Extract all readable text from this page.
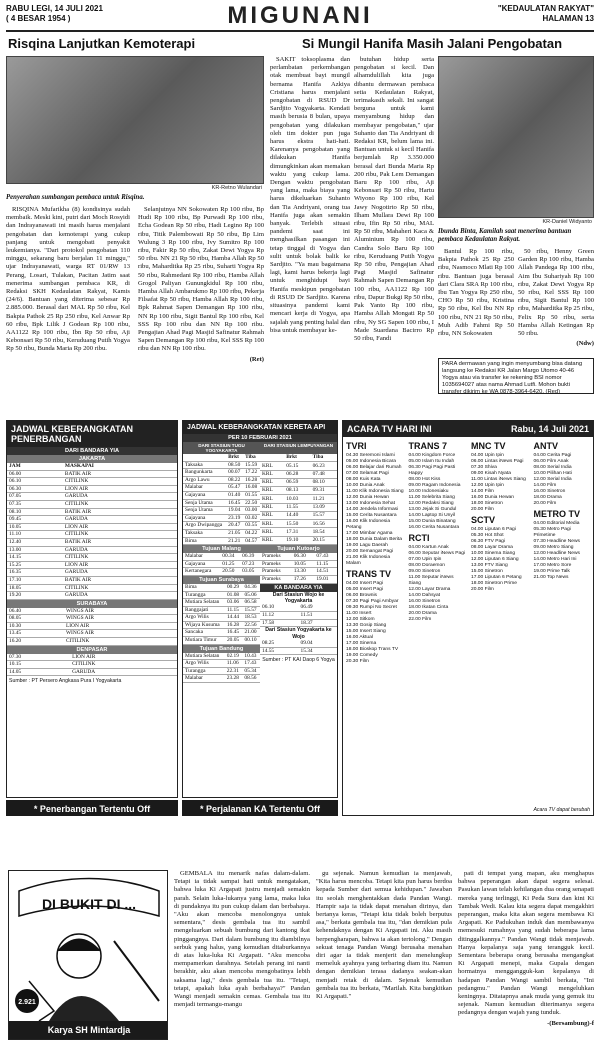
RABU LEGI, 14 JULI 2021
( 4 BESAR 1954 )	MIGUNANI	"KEDAULATAN RAKYAT"
HALAMAN 13
Risqina Lanjutkan Kemoterapi
KR-Retno Wulandari
Penyerahan sumbangan pembaca untuk Risqina.

RISQINA Mufarikha (8) kondisinya sudah membaik. Meski kini, putri dari Moch Rosyidi dan Indrayanawati ini masih harus menjalani pengobatan dan kemoterapi yang cukup panjang untuk mengobati penyakit leukemianya. "Dari protokol pengobatan 110 minggu, sekarang baru berjalan 11 minggu," ujar Indrayanawati, warga RT 01/RW 13 Perang, Losari, Tulakan, Pacitan Jatim saat menerima sumbangan pembaca KR, di Redaksi SKH Kedaulatan Rakyat, Kamis (24/6). Bantuan yang diterima sebesar Rp 2.885.000. Berasal dari MAL Rp 50 ribu, Kel Bakpia Pathok 25 Rp 250 ribu, Kel Anwar Rp 60 ribu, Bpk Lilik J Godean Rp 100 ribu, AA1122 Rp 100 ribu, Ibn Rp 50 ribu, Aji Kebonsari Rp 50 ribu, Keruduang Putih Yogya Rp 50 ribu, Bunda Maria Rp 200 ribu.

Selanjutnya NN Sokowaten Rp 100 ribu, Bp Hudi Rp 100 ribu, Bp Purwadi Rp 100 ribu, Echa Godean Rp 50 ribu, Hadi Leginо Rp 100 ribu, Titik Palembowati Rp 50 ribu, Bp Lim Wulung 3 Rp 100 ribu, Ivy Sumitro Rp 100 ribu, Fakir Rp 50 ribu, Zakat Dewi Yogya Rp 50 ribu. NN 21 Rp 50 ribu, Hamba Allah Rp 50 ribu, Maharditka Rp 25 ribu, Suharti Yogya Rp 50 ribu, Rahmedani Rp 100 ribu, Hamba Allah Grogol Paliyan Gunungkidul Rp 100 ribu, Hamba Allah Ambarukmo Rp 100 ribu, Pekerja Filsafat Rp 50 ribu, Hamba Allah Rp 100 ribu, Bpk Rahmat Sapen Demangan Rp 100 ribu, NN Rp 100 ribu, Sigit Bantul Rp 100 ribu, Kel SSS Rp 100 ribu dan NN Rp 100 ribu. Pengajian Ahad Pagi Masjid Safinatur Rahmah Sapen Demangan Rp 100 ribu, Kel SSS Rp 100 ribu dan NN Rp 100 ribu.

(Ret)
Si Mungil Hanifa Masih Jalani Pengobatan

SAKIT toksoplasma dan perlambatan perkembangan otak membuat bayi mungil bernama Hanifa Azkiya Cristiana harus menjalani pengobatan di RSUD Dr Sardjito Yogyakarta. Kendati masih berusia 8 bulan, upaya pengobatan yang dilakukan oleh tim dokter pun juga harus ekstra hati-hati. Karenanya pengobatan yang dilakukan Hanifa dimungkinkan akan memakan waktu yang cukup lama. Dengan waktu pengobatan yang lama, maka biaya yang harus dikeluarkan Suhanto dan Tia Andriyani, orang tua Hanifa juga akan semakin banyak. Terlebih situasi pandemi saat ini menghasilkan pasangan ini tetap tinggal di Yogya dan sulit untuk bolak balik ke Sardjito. "Ya mau bagaimana lagi, kami harus bekerja lagi untuk menghidupi bayi Hanifa meskipun pengobatan di RSUD Dr Sardjito. Karena situasinya pandemi kami mencari kerja di Yogya, apa sajalah yang penting halal dan bisa untuk membayar ke-

butuhan hidup serta pengobatan si kecil. Dan alhamdulillah kita juga dibantu dermawan pembaca setia Kedaulatan Rakyat, terimakasih sekali. Ini sangat berguna untuk kami menyambung hidup dan membayar pengobatan," ujar Suhanto dan Tia Andriyani di Redaksi KR, belum lama ini. Bantuan untuk si kecil Hanifa berjumlah Rp 3.350.000 berasal dari Bunda Maria Rp 200 ribu, Pak Lem Demangan Baru Rp 100 ribu, Aji Kebonsari Rp 50 ribu, Hartu Wiyono Rp 100 ribu, Kel Jawy Nogotirto Rp 50 ribu, Ilham Mullara Dewi Rp 100 ribu, Ifin Rp 50 ribu, MAL Rp 50 ribu, Mahaheri Kaca & Aluminium Rp 100 ribu, Candra Solo Baru Rp 100 ribu, Keruduang Putih Yogya Rp 50 ribu, Pengajian Ahad Pagi Masjid Safinatur Rahmah Sapen Demangan Rp 100 ribu, AA1122 Rp 100 ribu, Dapur Bukgi Rp 50 ribu, Pak Yanto Rp 100 ribu, Hamba Allah Mongati Rp 50 ribu, Ny SG Sapen 100 ribu, I Made Suardana Bacirro Rp 50 ribu, Fandi

KR-Daniel Widyanto
Ibunda Binta, Kamilah saat menerima bantuan pembaca Kedaulatan Rakyat.

Bantul Rp 100 ribu, Bakpia Pathok 25 Rp 250 ribu, Nasmoco Mlati Rp 100 ribu. Bantuan juga berasal dari Clara SRA Rp 100 ribu, Ibu Tan Yogya Rp 250 ribu, CHO Rp 50 ribu, Kristina Rp 50 ribu, Kel Ibu NN Rp 100 ribu, NN 21 Rp 50 ribu, Muh Adib Fahmi Rp 50 ribu, NN Sokowaten

50 ribu, Henny Green Garden Rp 100 ribu, Hamba Allah Pandega Rp 100 ribu, Aim Ibu Suhariyah Rp 100 ribu, Zakat Dewi Yogya Rp 50 ribu, Kel SSS Rp 100 ribu, Sigit Bantul Rp 100 ribu, Maharditka Rp 25 ribu, Felix Rp 50 ribu, serta Hamba Allah Ketingan Rp 50 ribu.

(Ndw)
PARA dermawan yang ingin menyumbang bisa datang langsung ke Redaksi KR Jalan Margo Utomo 40-46 Yogya atau via transfer ke rekening BSI nomor 1035694027 atas nama Ahmad Lutfi. Mohon bukti transfer dikirim ke WA 0878-3964-6420. (Red)
JADWAL KEBERANGKATAN PENERBANGAN
DARI BANDARA YIA
JAKARTA
JAM	MASKAPAI
06.00	BATIK AIR
06.10	CITILINK
06.30	LION AIR
07.05	GARUDA
07.35	CITILINK
08.10	BATIK AIR
09.45	GARUDA
10.05	LION AIR
11.10	CITILINK
12.40	BATIK AIR
13.00	GARUDA
14.15	CITILINK
15.25	LION AIR
16.35	GARUDA
17.10	BATIK AIR
18.05	CITILINK
19.20	GARUDA
SURABAYA
06.40	WINGS AIR
08.05	WINGS AIR
10.30	LION AIR
13.45	WINGS AIR
16.20	CITILINK
DENPASAR
07.30	LION AIR
10.15	CITILINK
14.05	GARUDA
Sumber : PT Persero Angkasa Pura I Yogyakarta
* Penerbangan Tertentu Off
JADWAL KEBERANGKATAN KERETA API
PER 10 FEBRUARI 2021
DARI STASIUN TUGU YOGYAKARTA
DARI STASIUN LEMPUYANGAN
	Brkt	Tiba
Taksaka	08.50	15.59
Bangunkarta	00.07	17.22
Argo Lawu	08.22	16.28
Malabar	05.47	16.08
Gajayana	01.40	01.55
Senja Utama	16.45	22.50
Senja Utama	19.04	03.00
Gajayana	23.19	03.02
Argo Dwipangga	20.47	03.55
Taksaka	21.05	04.22
Bima	21.21	04.57
	Brkt	Tiba
KRL	05.15	06.23
KRL	06.28	07.48
KRL	06.59	08.10
KRL	08.13	09.31
KRL	10.03	11.21
KRL	11.55	13.09
KRL	14.40	15.57
KRL	15.50	16.56
KRL	17.31	18.54
KRL	19.10	20.15
Tujuan Malang
Malabar	00.34	06.39
Gajayana	01.25	07.23
Kertanegara	20.50	03.05
Tujuan Surabaya
Bima	00.29	04.36
Turangga	01.08	05.06
Mutiara Selatan	03.06	06.58
Ranggajati	11.15	15.57
Argo Wilis	14.44	18.53
Wijaya Kusuma	16.28	22.56
Sancaka	16.45	21.00
Mutiara Timur	20.05	00.10
Tujuan Bandung
Mutiara Selatan	02.19	10.43
Argo Wilis	11.06	17.43
Turangga	22.31	05.34
Malabar	23.28	08.56
Tujuan Kutoarjo
Prameks	06.30	07.43
Prameks	10.05	11.15
Prameks	13.30	14.51
Prameks	17.26	19.01
KA BANDARA YIA
Dari Stasiun Wojo ke Yogyakarta
06.10	06.49
11.12	11.51
17.58	18.37
Dari Stasiun Yogyakarta ke Wojo
08.25	09.04
14.55	15.34
Sumber : PT KAI Daop 6 Yogya
* Perjalanan KA Tertentu Off
ACARA TV HARI INI	Rabu, 14 Juli 2021
TVRI
04.30 Seremoni Islami
05.00 Indonesia Bicara
06.00 Belajar dari Rumah
07.00 Selamat Pagi
08.00 Kuis Kata
10.00 Dunia Anak
11.00 Klik Indonesia Siang
12.00 Dunia Hewan
13.00 Indonesia Sehat
14.00 Jendela Informasi
15.00 Cerita Nusantara
16.00 Klik Indonesia Petang
17.00 Mimbar Agama
18.00 Dunia Dalam Berita
19.00 Lagu Daerah
20.00 Semangat Pagi
21.00 Klik Indonesia Malam
TRANS TV
04.00 Insert Pagi
05.00 Insert Pagi
06.00 Brownis
07.30 Pagi Pagi Ambyar
09.30 Rumpi No Secret
11.00 Insert
12.00 Sitkom
13.30 Gosip Siang
15.00 Insert Siang
16.00 Aktual
17.00 Sinema
18.00 Bioskop Trans TV
19.00 Comedy
20.30 Film
TRANS 7
04.00 Kingdom Force
05.00 Islam Itu Indah
06.30 Pagi Pagi Pasti Happy
08.00 Hot Kiss
09.00 Ragam Indonesia
10.00 Indonesiaku
11.00 Selebrita Siang
12.00 Redaksi Siang
13.00 Jejak Si Gundul
14.00 Laptop Si Unyil
15.00 Dunia Binatang
16.00 Cerita Nusantara
RCTI
04.00 Kartun Anak
06.00 Seputar iNews Pagi
07.00 Upin Ipin
08.00 Doraemon
09.00 Sinetron
11.00 Seputar iNews Siang
12.00 Layar Drama
14.00 Dahsyat
16.00 Sinetron
18.00 Ikatan Cinta
20.00 Drama
22.00 Film
MNC TV
04.00 Upin Ipin
06.00 Lintas iNews Pagi
07.30 Shiva
09.00 Kisah Nyata
11.00 Lintas iNews Siang
12.00 Upin Ipin
14.00 Film
16.00 Dunia Hewan
18.00 Sinetron
20.00 Film
SCTV
04.00 Liputan 6 Pagi
05.30 Hot Shot
06.30 FTV Pagi
08.00 Layar Drama
10.00 Sinema Siang
12.00 Liputan 6 Siang
13.00 FTV Siang
15.00 Sinetron
17.00 Liputan 6 Petang
18.00 Sinetron Prime
20.00 Film
ANTV
04.00 Cerita Pagi
06.00 Film Anak
08.00 Serial India
10.00 Pilihan Hati
12.00 Serial India
14.00 Film
16.00 Sinetron
18.00 Drama
20.00 Film
METRO TV
04.00 Editorial Media
05.30 Metro Pagi Primetime
07.30 Headline News
09.00 Metro Siang
12.00 Headline News
14.00 Metro Hari Ini
17.00 Metro Sore
19.00 Prime Talk
21.00 Top News
Acara TV dapat berubah
DI BUKIT DI ...
2.921
Karya SH Mintardja

GEMBALA itu menarik nafas dalam-dalam. Tetapi ia tidak sampai hati untuk mengatakan, bahwa luka Ki Argapati justru menjadi semakin parah. Selain luka-lukanya yang lama, maka luka di pundaknya itu pun cukup dalam dan berbahaya. "Aku akan mencoba menolongnya untuk sementara," desis gembala tua itu sambil mengeluarkan sebuah bumbung dari kantong ikat pinggangnya. Dari dalam bumbung itu diambilnya serbuk yang halus, yang kemudian ditaburkannya di atas luka-luka Ki Argapati. "Aku mencoba mempamerkan darahnya. Setelah perang ini nanti berakhir, aku akan mencoba mengobatinya lebih saksama lagi," desis gembala tua itu. "Tetapi, tetapi, apakah luka ayah berbahaya?" Pandan Wangi menjadi semakin cemas. Gembala tua itu menjadi termangu-mangu

gu sejenak. Namun kemudian ia menjawab, "Kita harus mencoba. Tetapi kita pun harus berdoa kepada Sumber dari semua kehidupan." Jawaban itu seolah menghentakkan dada Pandan Wangi. Hampir saja ia tidak dapat menahan dirinya, dan bertanya keras, "Tetapi kita tidak boleh berputus asa," berkata gembala tua itu, "dan demikian pula kehendaknya dengan Ki Argapati ini. Aku masih berpengharapan, bahwa ia akan tertolong." Dengan sekuat tenaga Pandan Wangi berusaha menahan diri agar ia tidak menjerit dan menelungkup memeluk ayahnya yang terbaring diam itu. Namun dengan demikian terasa dadanya seakan-akan menjadi retak di dalam. Sejenak kemudian gembala tua itu berkata, "Marilah. Kita bangkitkan Ki Argapati."

pati di tempat yang mapan, aku menghapus bahwa peperangan akan dapat segera selesai. Pasukan lawan telah kehilangan dua orang senapati mereka yang terlinggi, Ki Peda Sura dan kini Ki Tambak Wedi. Kalau kita segera dapat mengakhiri peperangan, maka kita akan segera membawa Ki Argapati. Ke Padukuhan induk dan membawanya memesuki rumahnya yang sudah beberapa lama ditinggalkannya." Pandan Wangi tidak menjawab. Hanya kepalanya saja yang terangguk kecil. Sementara beberapa orang berusaha mengangkat Ki Argapati menepi, maka Gupala dengan hormatnya menggangguk-kan kepalanya di hadapan Pandan Wangi sambil berkata, "Ini pedangmu." Pandan Wangi mengeluhkan keningnya. Ditatapnya anak muda yang gemuk itu sejenak. Namun kemudian diterimanya segera pedangnya dengan wajah yang tunduk.

-(Bersambung)-f
